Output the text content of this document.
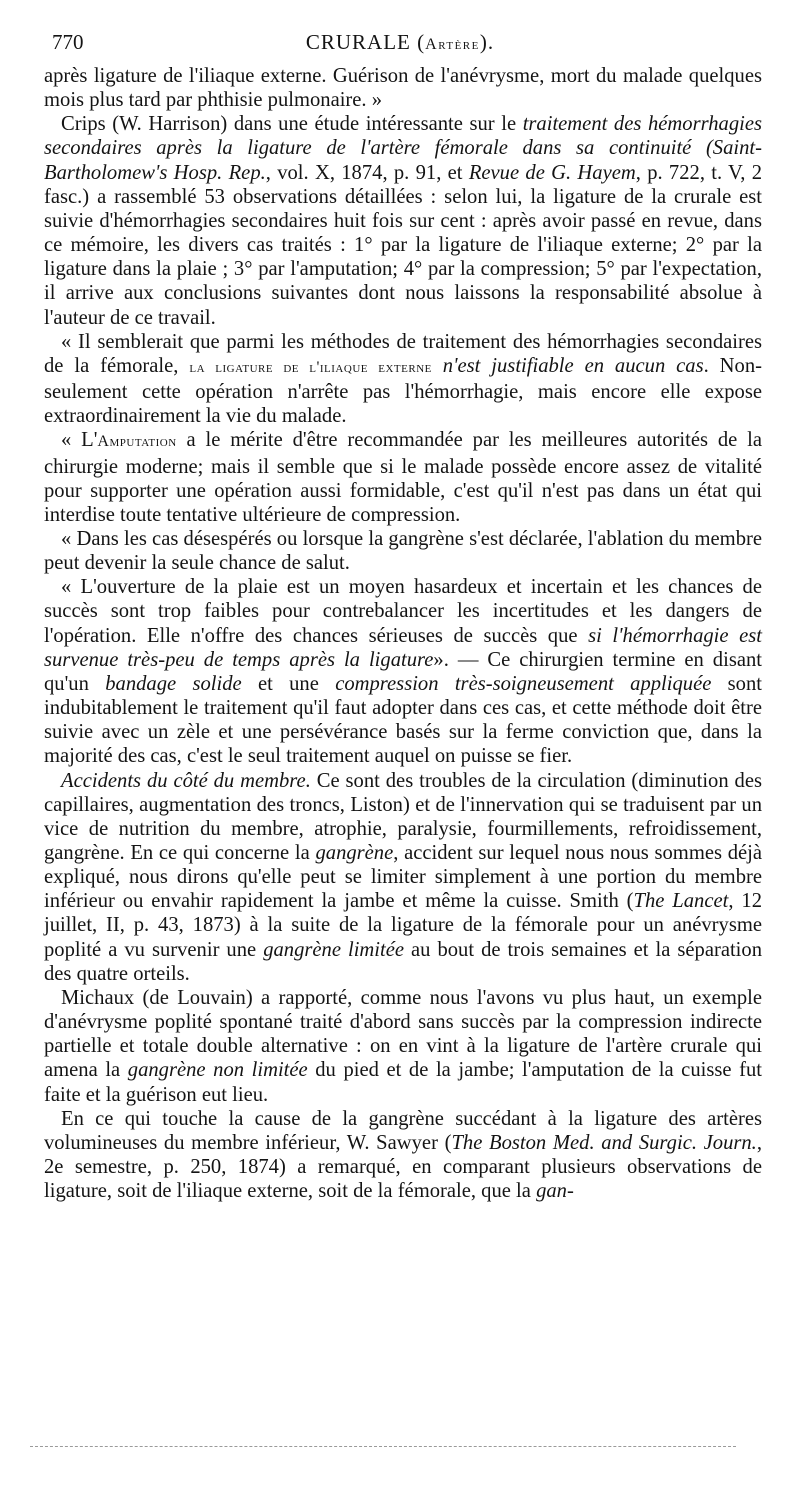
770	CRURALE (Artère).

après ligature de l'iliaque externe. Guérison de l'anévrysme, mort du malade quelques mois plus tard par phthisie pulmonaire. »

Crips (W. Harrison) dans une étude intéressante sur le traitement des hémorrhagies secondaires après la ligature de l'artère fémorale dans sa continuité (Saint-Bartholomew's Hosp. Rep., vol. X, 1874, p. 91, et Revue de G. Hayem, p. 722, t. V, 2 fasc.) a rassemblé 53 observations détaillées : selon lui, la ligature de la crurale est suivie d'hémorrhagies secondaires huit fois sur cent : après avoir passé en revue, dans ce mémoire, les divers cas traités : 1° par la ligature de l'iliaque externe; 2° par la ligature dans la plaie ; 3° par l'amputation; 4° par la compression; 5° par l'expectation, il arrive aux conclusions suivantes dont nous laissons la responsabilité absolue à l'auteur de ce travail.

« Il semblerait que parmi les méthodes de traitement des hémorrhagies secondaires de la fémorale, la ligature de l'iliaque externe n'est justifiable en aucun cas. Non-seulement cette opération n'arrête pas l'hémorrhagie, mais encore elle expose extraordinairement la vie du malade.

« L'Amputation a le mérite d'être recommandée par les meilleures autorités de la chirurgie moderne; mais il semble que si le malade possède encore assez de vitalité pour supporter une opération aussi formidable, c'est qu'il n'est pas dans un état qui interdise toute tentative ultérieure de compression.

« Dans les cas désespérés ou lorsque la gangrène s'est déclarée, l'ablation du membre peut devenir la seule chance de salut.

« L'ouverture de la plaie est un moyen hasardeux et incertain et les chances de succès sont trop faibles pour contrebalancer les incertitudes et les dangers de l'opération. Elle n'offre des chances sérieuses de succès que si l'hémorrhagie est survenue très-peu de temps après la ligature». — Ce chirurgien termine en disant qu'un bandage solide et une compression très-soigneusement appliquée sont indubitablement le traitement qu'il faut adopter dans ces cas, et cette méthode doit être suivie avec un zèle et une persévérance basés sur la ferme conviction que, dans la majorité des cas, c'est le seul traitement auquel on puisse se fier.

Accidents du côté du membre. Ce sont des troubles de la circulation (diminution des capillaires, augmentation des troncs, Liston) et de l'innervation qui se traduisent par un vice de nutrition du membre, atrophie, paralysie, fourmillements, refroidissement, gangrène. En ce qui concerne la gangrène, accident sur lequel nous nous sommes déjà expliqué, nous dirons qu'elle peut se limiter simplement à une portion du membre inférieur ou envahir rapidement la jambe et même la cuisse. Smith (The Lancet, 12 juillet, II, p. 43, 1873) à la suite de la ligature de la fémorale pour un anévrysme poplité a vu survenir une gangrène limitée au bout de trois semaines et la séparation des quatre orteils.

Michaux (de Louvain) a rapporté, comme nous l'avons vu plus haut, un exemple d'anévrysme poplité spontané traité d'abord sans succès par la compression indirecte partielle et totale double alternative : on en vint à la ligature de l'artère crurale qui amena la gangrène non limitée du pied et de la jambe; l'amputation de la cuisse fut faite et la guérison eut lieu.

En ce qui touche la cause de la gangrène succédant à la ligature des artères volumineuses du membre inférieur, W. Sawyer (The Boston Med. and Surgic. Journ., 2e semestre, p. 250, 1874) a remarqué, en comparant plusieurs observations de ligature, soit de l'iliaque externe, soit de la fémorale, que la gan-
